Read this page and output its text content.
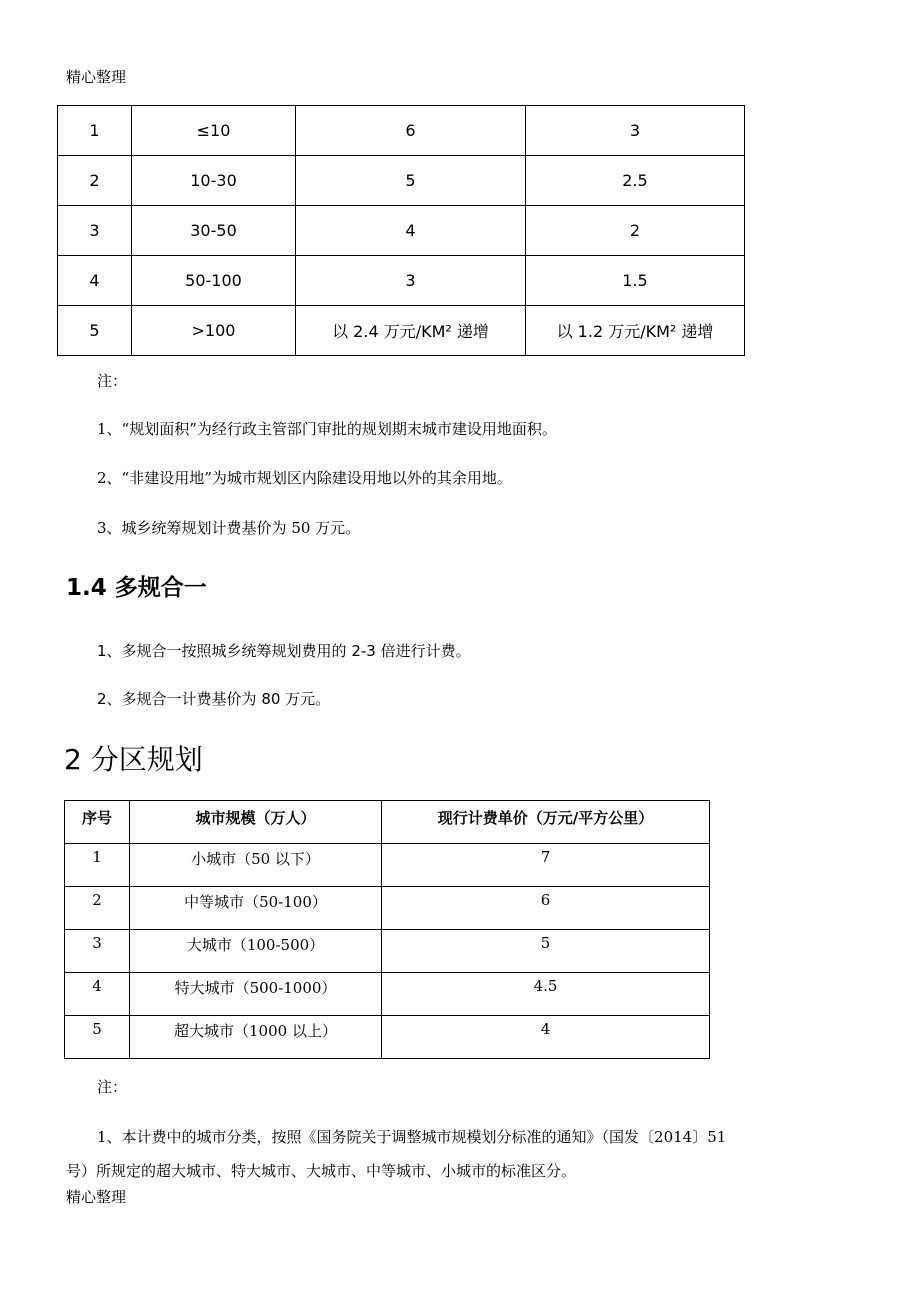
精心整理
1	≤10	6	3
2	10-30	5	2.5
3	30-50	4	2
4	50-100	3	1.5
5	>100	以 2.4 万元/KM² 递增	以 1.2 万元/KM² 递增
注：
1、“规划面积”为经行政主管部门审批的规划期末城市建设用地面积。
2、“非建设用地”为城市规划区内除建设用地以外的其余用地。
3、城乡统筹规划计费基价为 50 万元。
1.4 多规合一
1、多规合一按照城乡统筹规划费用的 2-3 倍进行计费。
2、多规合一计费基价为 80 万元。
2 分区规划
序号	城市规模（万人）	现行计费单价（万元/平方公里）
1	小城市（50 以下）	7
2	中等城市（50-100）	6
3	大城市（100-500）	5
4	特大城市（500-1000）	4.5
5	超大城市（1000 以上）	4
注：
1、本计费中的城市分类，按照《国务院关于调整城市规模划分标准的通知》（国发〔2014〕51
号）所规定的超大城市、特大城市、大城市、中等城市、小城市的标准区分。
精心整理
